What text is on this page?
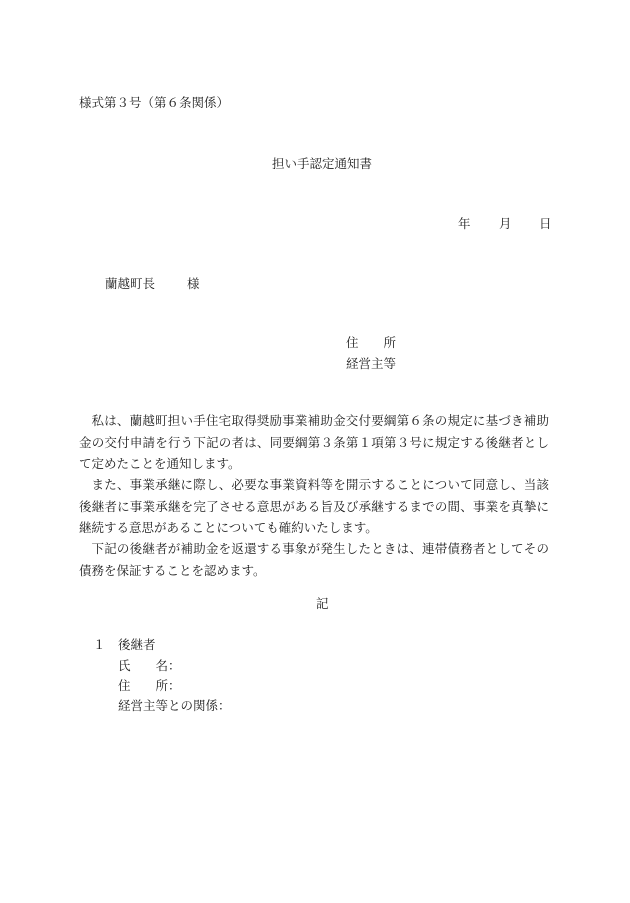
様式第３号（第６条関係）
担い手認定通知書
年 月 日
蘭越町長	様
住　　所
経営主等
私は、蘭越町担い手住宅取得奨励事業補助金交付要綱第６条の規定に基づき補助金の交付申請を行う下記の者は、同要綱第３条第１項第３号に規定する後継者として定めたことを通知します。
また、事業承継に際し、必要な事業資料等を開示することについて同意し、当該後継者に事業承継を完了させる意思がある旨及び承継するまでの間、事業を真摯に継続する意思があることについても確約いたします。
下記の後継者が補助金を返還する事象が発生したときは、連帯債務者としてその債務を保証することを認めます。
記
１ 後継者
氏　　名：
住　　所：
経営主等との関係：
